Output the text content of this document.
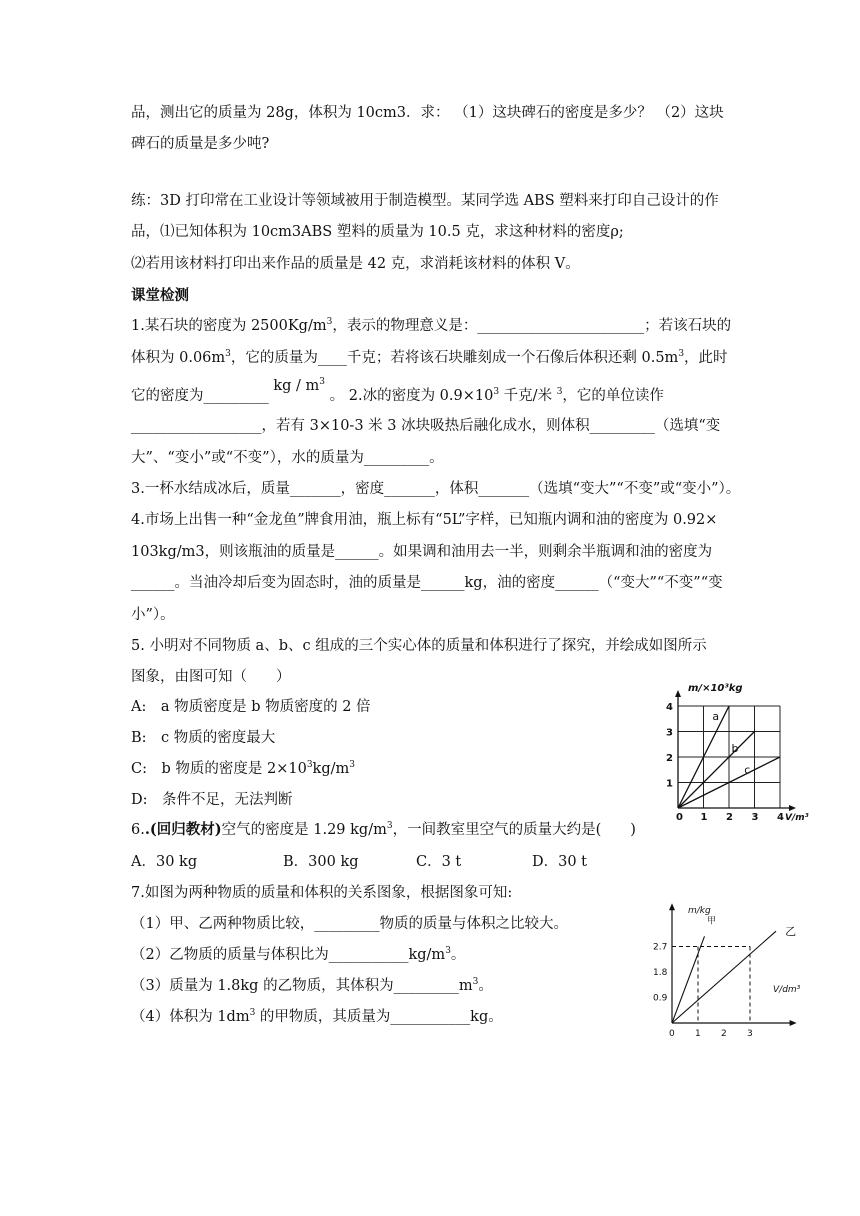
品，测出它的质量为 28g，体积为 10cm3．求： （1）这块碑石的密度是多少？ （2）这块
碑石的质量是多少吨?
练：3D 打印常在工业设计等领域被用于制造模型。某同学选 ABS 塑料来打印自己设计的作
品，⑴已知体积为 10cm3ABS 塑料的质量为 10.5 克，求这种材料的密度ρ;
⑵若用该材料打印出来作品的质量是 42 克，求消耗该材料的体积 V。
课堂检测
1.某石块的密度为 $2500Kg/m^3$，表示的物理意义是：_______________________；若该石块的
体积为 $0.06m^3$，它的质量为____千克；若将该石块雕刻成一个石像后体积还剩 $0.5m^3$，此时
它的密度为_________ kg / $m^3$ 。 2.冰的密度为 $0.9\times 10^3$ 千克/米 $^3$，它的单位读作
__________________，若有 3×10-3 米 3 冰块吸热后融化成水，则体积_________（选填“变
大”、“变小”或“不变”），水的质量为_________。
3.一杯水结成冰后，质量_______，密度_______，体积_______（选填“变大”“不变”或“变小”）。
4.市场上出售一种“金龙鱼”牌食用油，瓶上标有“5L”字样，已知瓶内调和油的密度为 0.92×
103kg/m3，则该瓶油的质量是______。如果调和油用去一半，则剩余半瓶调和油的密度为
______。当油冷却后变为固态时，油的质量是______kg，油的密度______（“变大”“不变”“变
小”）。
5. 小明对不同物质 a、b、c 组成的三个实心体的质量和体积进行了探究，并绘成如图所示
图象，由图可知（　　）
A:　a 物质密度是 b 物质密度的 2 倍
B:　c 物质的密度最大
C:　b 物质的密度是 $2\times 10^3kg/m^3$
D:　条件不足，无法判断
6..(回归教材)空气的密度是 1.29 $kg/m^3$，一间教室里空气的质量大约是(　　)
A．30 kg	B．300 kg	C．3 t	D．30 t
7.如图为两种物质的质量和体积的关系图象，根据图象可知:
（1）甲、乙两种物质比较，_________物质的质量与体积之比较大。
（2）乙物质的质量与体积比为$\_\_\_\_\_\_\_\_\_\_\_kg/m^3$。
（3）质量为 1.8kg 的乙物质，其体积为$\_\_\_\_\_\_\_\_\_m^3$。
（4）体积为 $1dm^3$ 的甲物质，其质量为___________kg。
a
b
c
0 1 2 3 4
1
2
3
4
m/×10³kg
V/m³
甲
乙
0 1 2 3
0.9
1.8
2.7
m/kg
V/dm³
